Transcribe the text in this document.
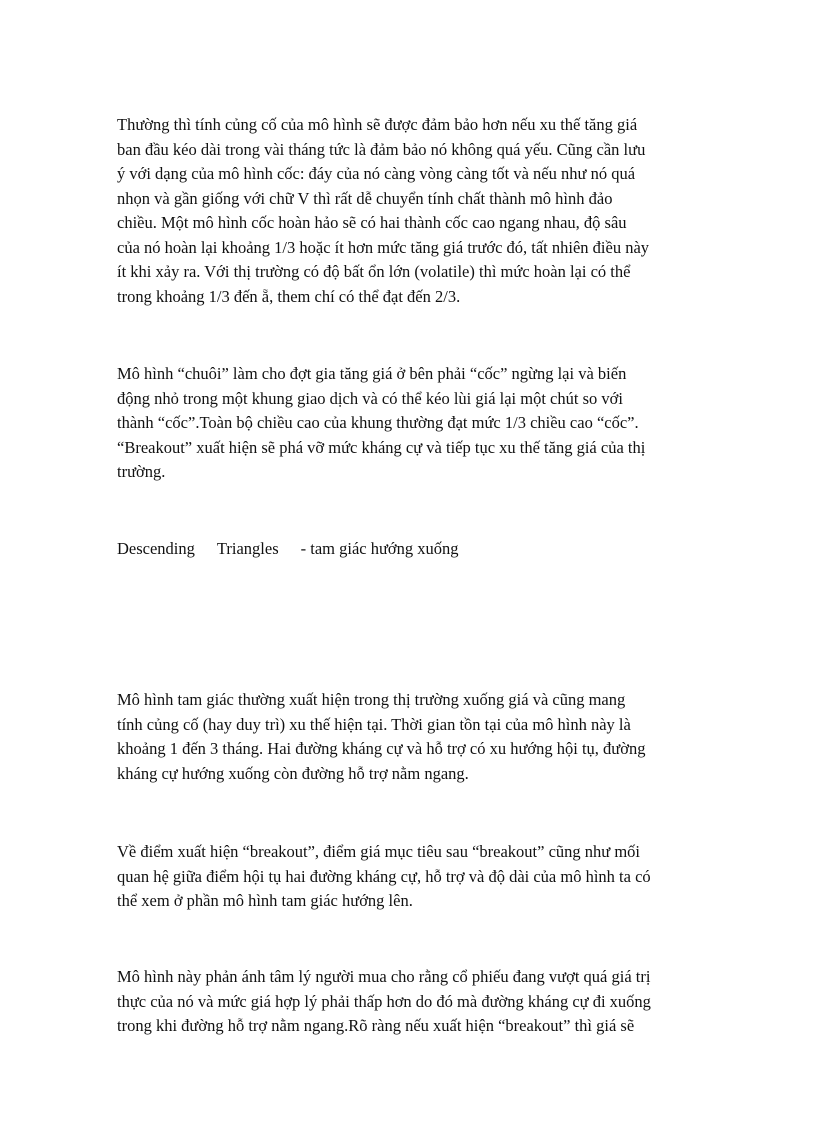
Thường thì tính củng cố của mô hình sẽ được đảm bảo hơn nếu xu thế tăng giá
ban đầu kéo dài trong vài tháng tức là đảm bảo nó không quá yếu. Cũng cần lưu
ý với dạng của mô hình cốc: đáy của nó càng vòng càng tốt và nếu như nó quá
nhọn và gần giống với chữ V thì rất dễ chuyển tính chất thành mô hình đảo
chiều. Một mô hình cốc hoàn hảo sẽ có hai thành cốc cao ngang nhau, độ sâu
của nó hoàn lại khoảng 1/3 hoặc ít hơn mức tăng giá trước đó, tất nhiên điều này
ít khi xảy ra. Với thị trường có độ bất ổn lớn (volatile) thì mức hoàn lại có thể
trong khoảng 1/3 đến ẵ, them chí có thể đạt đến 2/3.

Mô hình “chuôi” làm cho đợt gia tăng giá ở bên phải “cốc” ngừng lại và biến
động nhỏ trong một khung giao dịch và có thể kéo lùi giá lại một chút so với
thành “cốc”.Toàn bộ chiều cao của khung thường đạt mức 1/3 chiều cao “cốc”.
“Breakout” xuất hiện sẽ phá vỡ mức kháng cự và tiếp tục xu thế tăng giá của thị
trường.

Descending Triangles - tam giác hướng xuống

Mô hình tam giác thường xuất hiện trong thị trường xuống giá và cũng mang
tính củng cố (hay duy trì) xu thế hiện tại. Thời gian tồn tại của mô hình này là
khoảng 1 đến 3 tháng. Hai đường kháng cự và hỗ trợ có xu hướng hội tụ, đường
kháng cự hướng xuống còn đường hỗ trợ nằm ngang.

Về điểm xuất hiện “breakout”, điểm giá mục tiêu sau “breakout” cũng như mối
quan hệ giữa điểm hội tụ hai đường kháng cự, hỗ trợ và độ dài của mô hình ta có
thể xem ở phần mô hình tam giác hướng lên.

Mô hình này phản ánh tâm lý người mua cho rằng cổ phiếu đang vượt quá giá trị
thực của nó và mức giá hợp lý phải thấp hơn do đó mà đường kháng cự đi xuống
trong khi đường hỗ trợ nằm ngang.Rõ ràng nếu xuất hiện “breakout” thì giá sẽ
